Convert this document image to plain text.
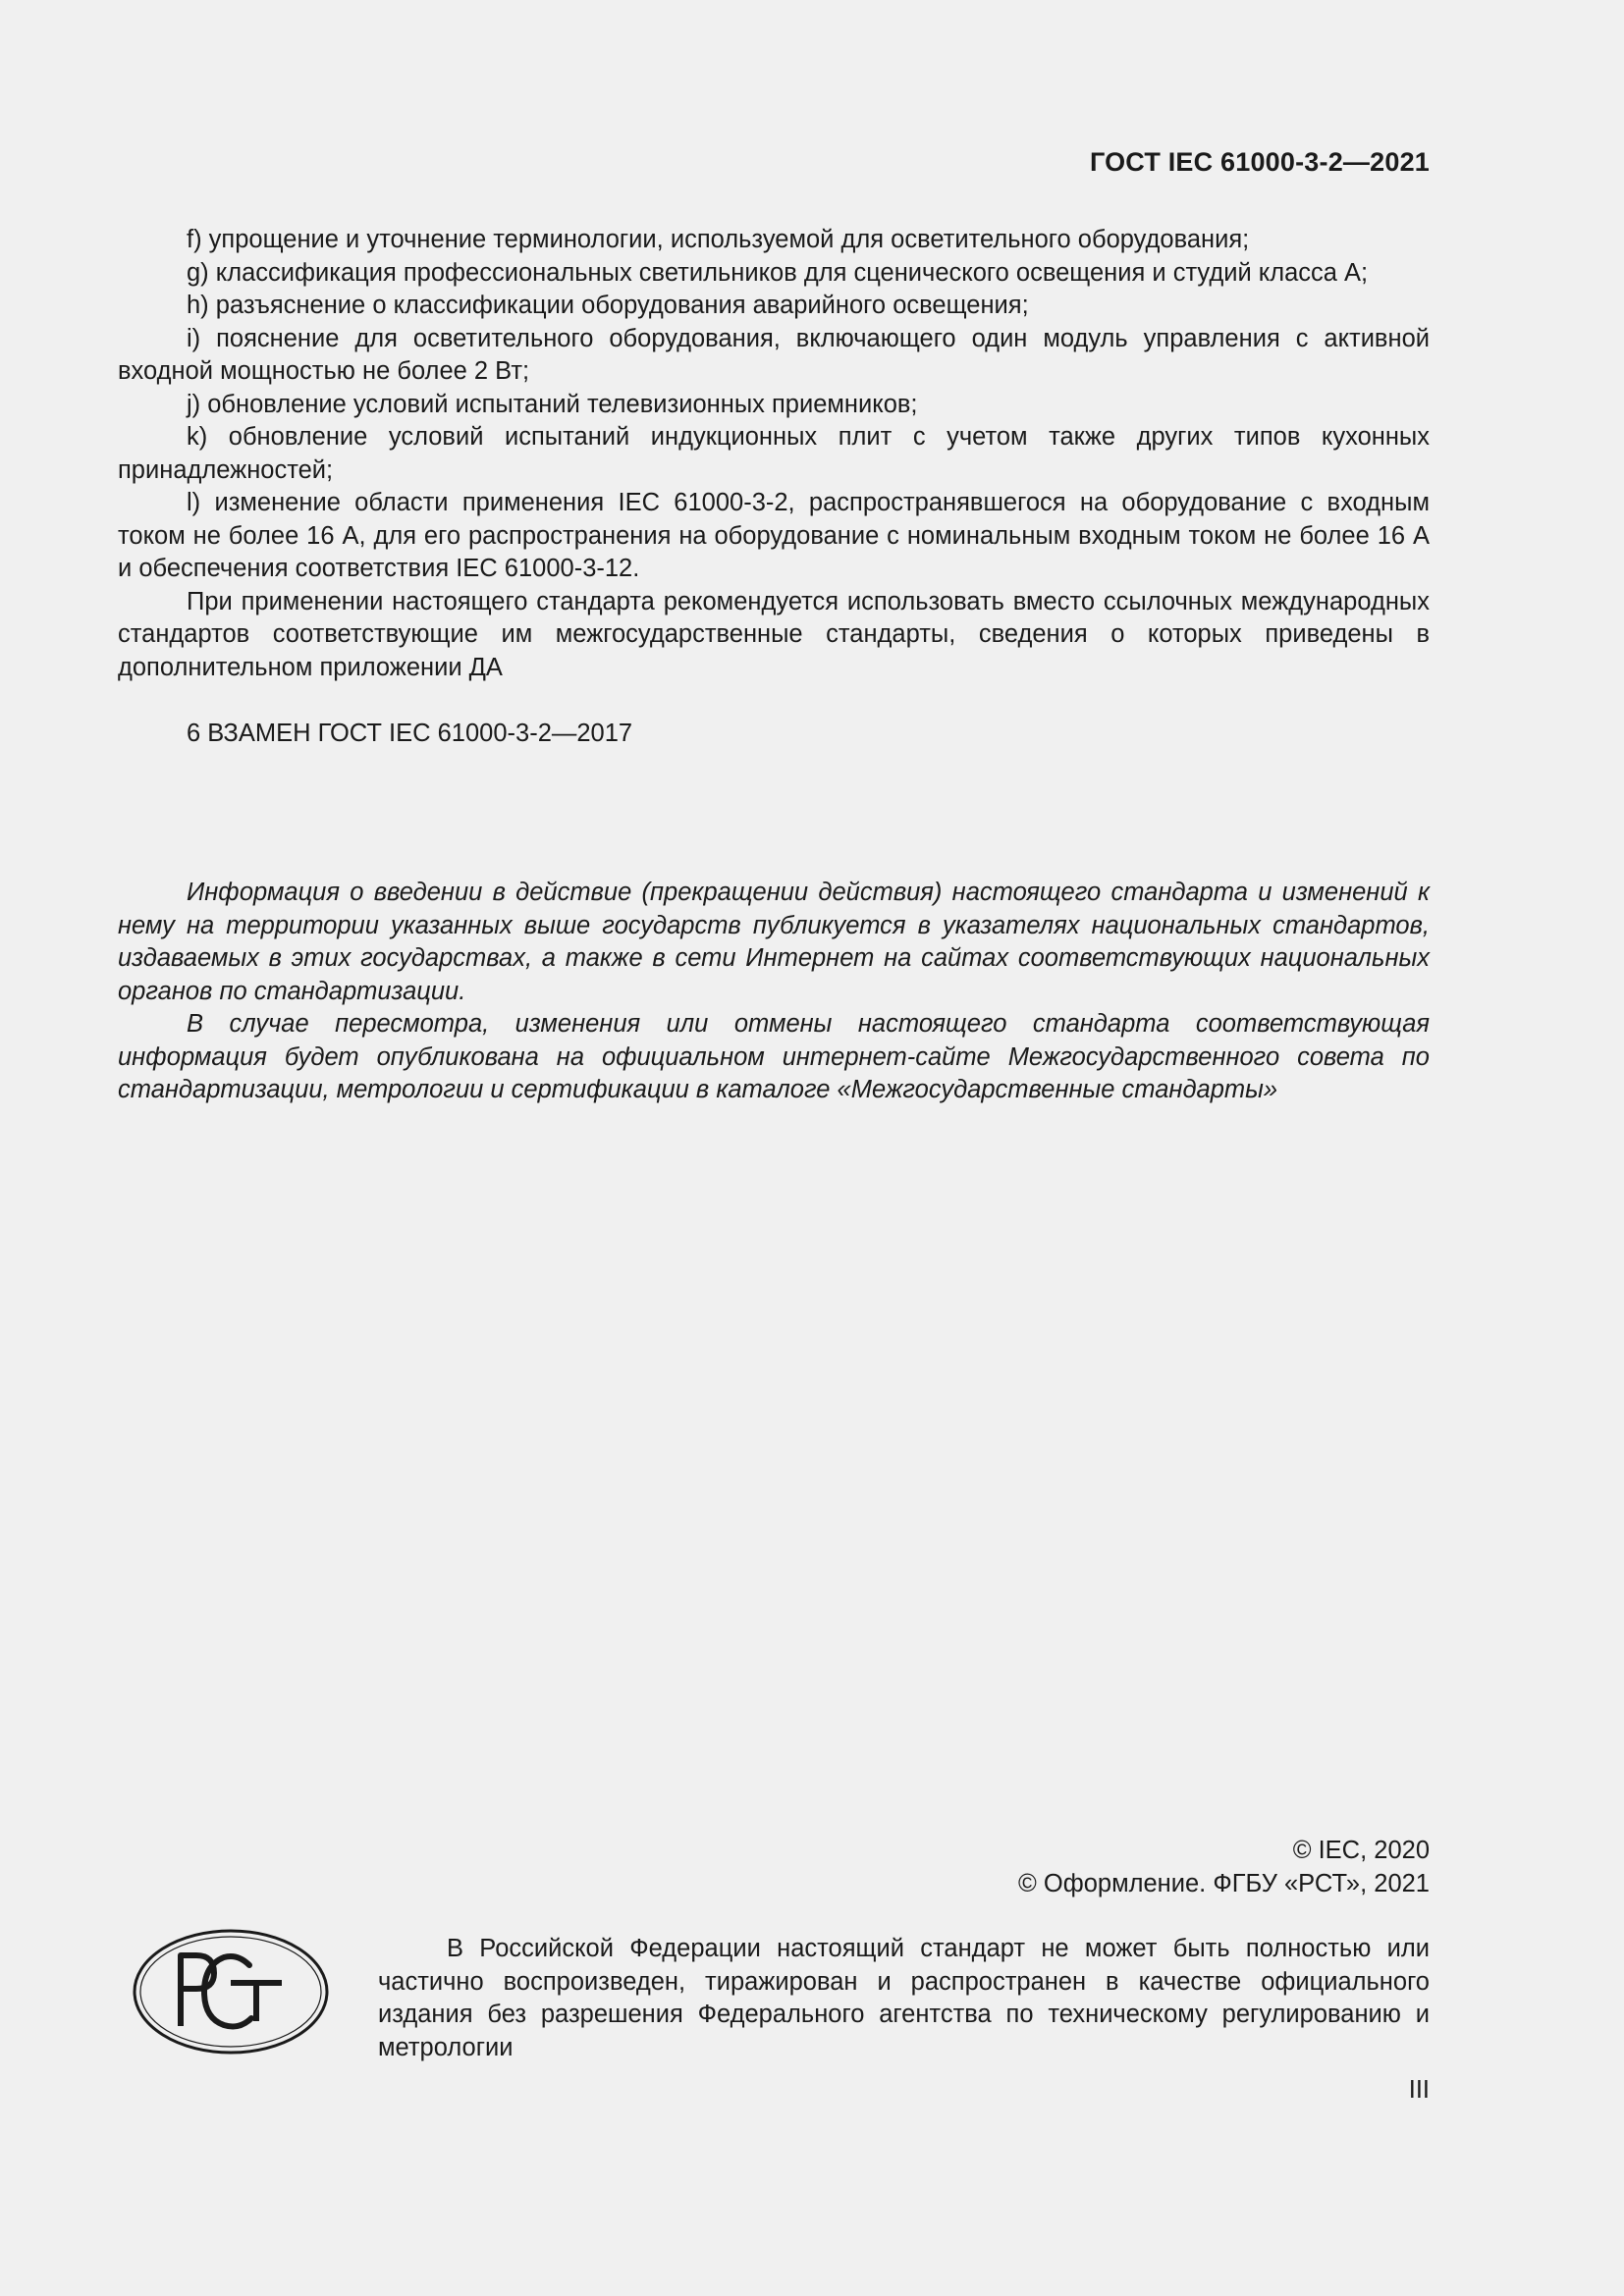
ГОСТ IEC 61000-3-2—2021

f) упрощение и уточнение терминологии, используемой для осветительного оборудования;

g) классификация профессиональных светильников для сценического освещения и студий класса А;

h) разъяснение о классификации оборудования аварийного освещения;

i) пояснение для осветительного оборудования, включающего один модуль управления с активной входной мощностью не более 2 Вт;

j) обновление условий испытаний телевизионных приемников;

k) обновление условий испытаний индукционных плит с учетом также других типов кухонных принадлежностей;

l) изменение области применения IEC 61000-3-2, распространявшегося на оборудование с входным током не более 16 А, для его распространения на оборудование с номинальным входным током не более 16 А и обеспечения соответствия IEC 61000-3-12.

При применении настоящего стандарта рекомендуется использовать вместо ссылочных международных стандартов соответствующие им межгосударственные стандарты, сведения о которых приведены в дополнительном приложении ДА

6 ВЗАМЕН ГОСТ IEC 61000-3-2—2017

Информация о введении в действие (прекращении действия) настоящего стандарта и изменений к нему на территории указанных выше государств публикуется в указателях национальных стандартов, издаваемых в этих государствах, а также в сети Интернет на сайтах соответствующих национальных органов по стандартизации.

В случае пересмотра, изменения или отмены настоящего стандарта соответствующая информация будет опубликована на официальном интернет-сайте Межгосударственного совета по стандартизации, метрологии и сертификации в каталоге «Межгосударственные стандарты»

© IEC, 2020
© Оформление. ФГБУ «РСТ», 2021
РСТ

В Российской Федерации настоящий стандарт не может быть полностью или частично воспроизведен, тиражирован и распространен в качестве официального издания без разрешения Федерального агентства по техническому регулированию и метрологии

III
